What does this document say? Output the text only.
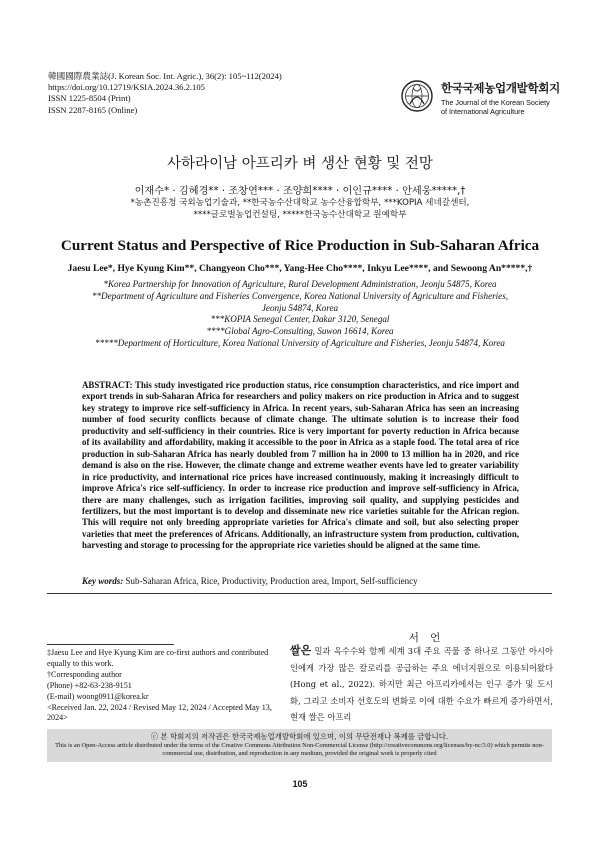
韓國國際農業誌(J. Korean Soc. Int. Agric.), 36(2): 105~112(2024)
https://doi.org/10.12719/KSIA.2024.36.2.105
ISSN 1225-8504 (Print)
ISSN 2287-8165 (Online)
한국국제농업개발학회지
The Journal of the Korean Society
of International Agriculture
사하라이남 아프리카 벼 생산 현황 및 전망
이재수* · 김혜경** · 조창연*** · 조양희**** · 이인규**** · 안세웅*****,†
*농촌진흥청 국외농업기술과, **한국농수산대학교 농수산융합학부, ***KOPIA 세네갈센터,
****글로벌농업컨설팅, *****한국농수산대학교 원예학부
Current Status and Perspective of Rice Production in Sub-Saharan Africa
Jaesu Lee*, Hye Kyung Kim**, Changyeon Cho***, Yang-Hee Cho****, Inkyu Lee****, and Sewoong An*****,†
*Korea Partnership for Innovation of Agriculture, Rural Development Administration, Jeonju 54875, Korea
**Department of Agriculture and Fisheries Convergence, Korea National University of Agriculture and Fisheries,
Jeonju 54874, Korea
***KOPIA Senegal Center, Dakar 3120, Senegal
****Global Agro-Consulting, Suwon 16614, Korea
*****Department of Horticulture, Korea National University of Agriculture and Fisheries, Jeonju 54874, Korea
ABSTRACT: This study investigated rice production status, rice consumption characteristics, and rice import and export trends in sub-Saharan Africa for researchers and policy makers on rice production in Africa and to suggest key strategy to improve rice self-sufficiency in Africa. In recent years, sub-Saharan Africa has seen an increasing number of food security conflicts because of climate change. The ultimate solution is to increase their food productivity and self-sufficiency in their countries. Rice is very important for poverty reduction in Africa because of its availability and affordability, making it accessible to the poor in Africa as a staple food. The total area of rice production in sub-Saharan Africa has nearly doubled from 7 million ha in 2000 to 13 million ha in 2020, and rice demand is also on the rise. However, the climate change and extreme weather events have led to greater variability in rice productivity, and international rice prices have increased continuously, making it increasingly difficult to improve Africa's rice self-sufficiency. In order to increase rice production and improve self-sufficiency in Africa, there are many challenges, such as irrigation facilities, improving soil quality, and supplying pesticides and fertilizers, but the most important is to develop and disseminate new rice varieties suitable for the African region. This will require not only breeding appropriate varieties for Africa's climate and soil, but also selecting proper varieties that meet the preferences of Africans. Additionally, an infrastructure system from production, cultivation, harvesting and storage to processing for the appropriate rice varieties should be aligned at the same time.
Key words: Sub-Saharan Africa, Rice, Productivity, Production area, Import, Self-sufficiency
서 언
쌀은 밀과 옥수수와 함께 세계 3대 주요 곡물 중 하나로 그동안 아시아인에게 가장 많은 칼로리를 공급하는 주요 에너지원으로 이용되어왔다(Hong et al., 2022). 하지만 최근 아프리카에서는 인구 증가 및 도시화, 그리고 소비자 선호도의 변화로 이에 대한 수요가 빠르게 증가하면서, 현재 쌀은 아프리
‡Jaesu Lee and Hye Kyung Kim are co-first authors and contributed equally to this work.
†Corresponding author
(Phone) +82-63-238-9151
(E-mail) woong0911@korea.kr
<Received Jan. 22, 2024 / Revised May 12, 2024 / Accepted May 13, 2024>
ⓒ 본 학회지의 저작권은 한국국제농업개발학회에 있으며, 이의 무단전재나 복제를 금합니다.
This is an Open-Access article distributed under the terms of the Creative Commons Attribution Non-Commercial License (http://creativecommons.org/licenses/by-nc/3.0) which permits non-commercial use, distribution, and reproduction in any medium, provided the original work is properly cited
105
